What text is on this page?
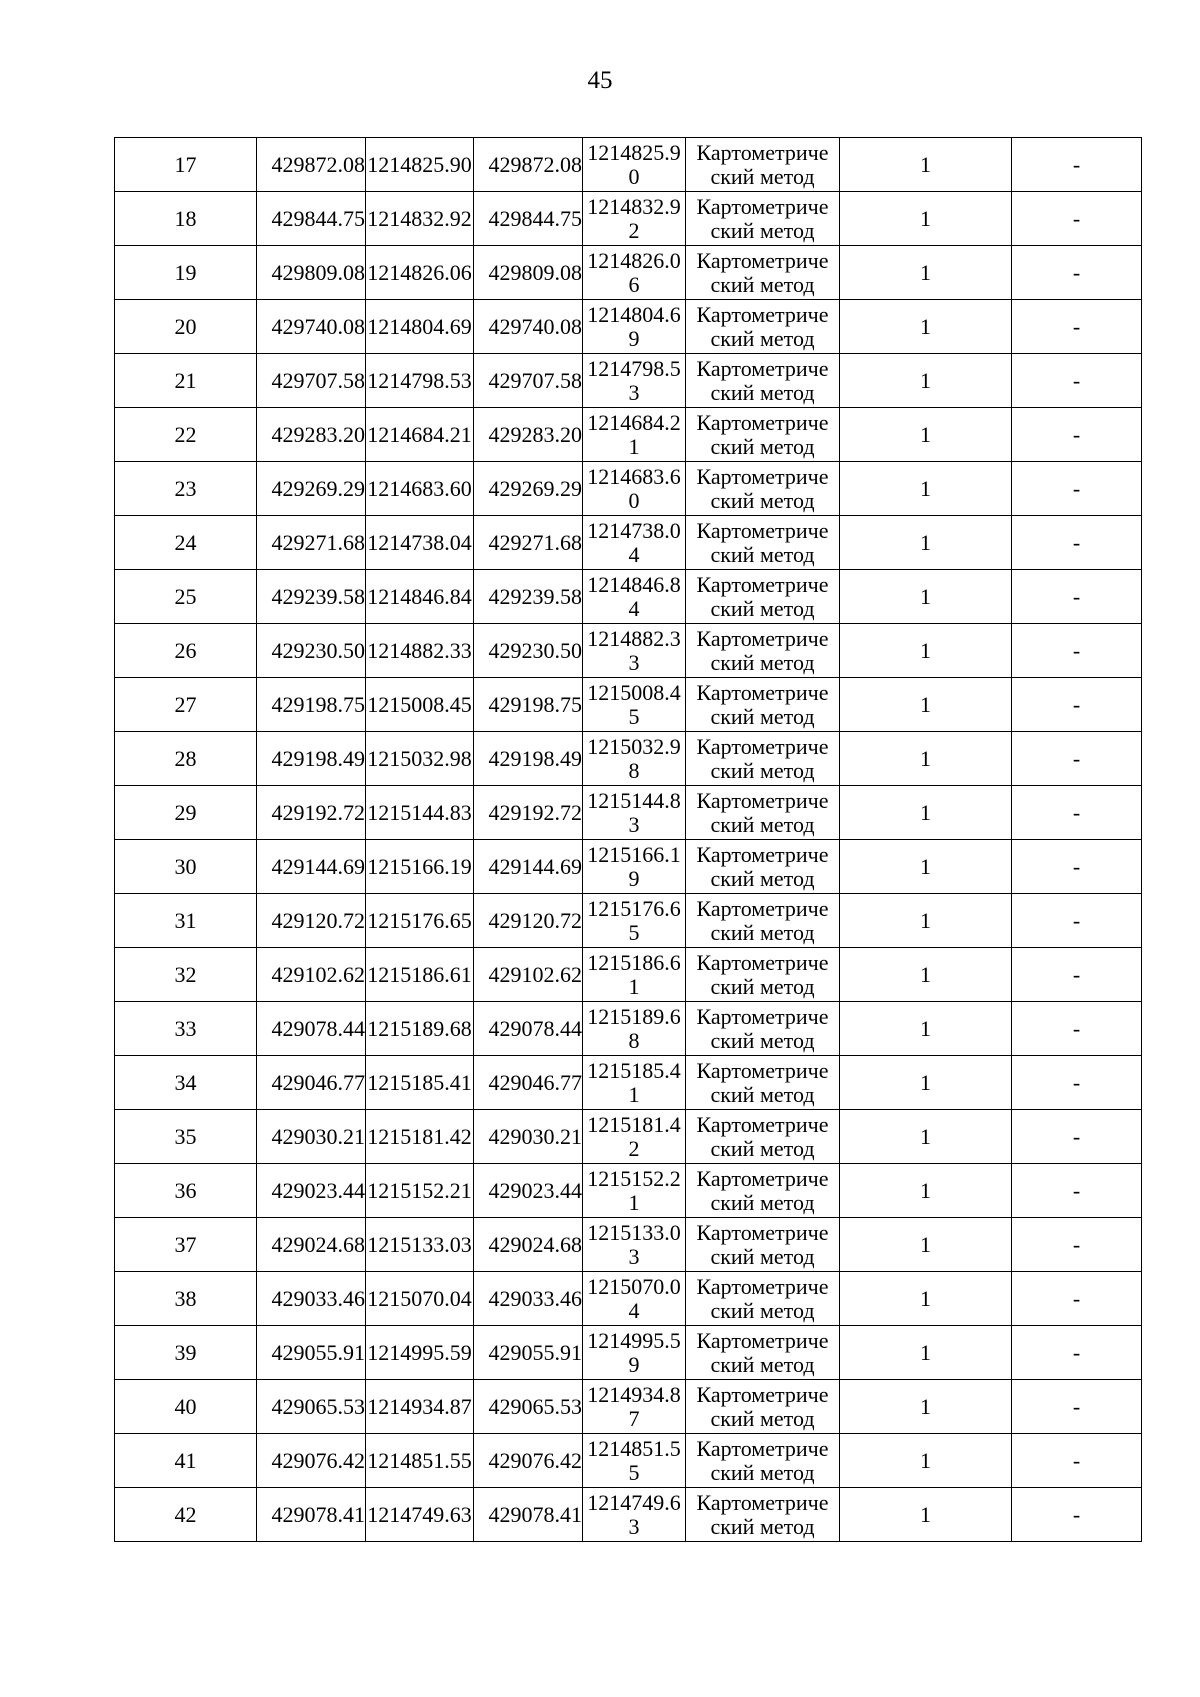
45
17	429872.08	1214825.90	429872.08	1214825.90	Картометриче
ский метод	1	-
18	429844.75	1214832.92	429844.75	1214832.92	Картометриче
ский метод	1	-
19	429809.08	1214826.06	429809.08	1214826.06	Картометриче
ский метод	1	-
20	429740.08	1214804.69	429740.08	1214804.69	Картометриче
ский метод	1	-
21	429707.58	1214798.53	429707.58	1214798.53	Картометриче
ский метод	1	-
22	429283.20	1214684.21	429283.20	1214684.21	Картометриче
ский метод	1	-
23	429269.29	1214683.60	429269.29	1214683.60	Картометриче
ский метод	1	-
24	429271.68	1214738.04	429271.68	1214738.04	Картометриче
ский метод	1	-
25	429239.58	1214846.84	429239.58	1214846.84	Картометриче
ский метод	1	-
26	429230.50	1214882.33	429230.50	1214882.33	Картометриче
ский метод	1	-
27	429198.75	1215008.45	429198.75	1215008.45	Картометриче
ский метод	1	-
28	429198.49	1215032.98	429198.49	1215032.98	Картометриче
ский метод	1	-
29	429192.72	1215144.83	429192.72	1215144.83	Картометриче
ский метод	1	-
30	429144.69	1215166.19	429144.69	1215166.19	Картометриче
ский метод	1	-
31	429120.72	1215176.65	429120.72	1215176.65	Картометриче
ский метод	1	-
32	429102.62	1215186.61	429102.62	1215186.61	Картометриче
ский метод	1	-
33	429078.44	1215189.68	429078.44	1215189.68	Картометриче
ский метод	1	-
34	429046.77	1215185.41	429046.77	1215185.41	Картометриче
ский метод	1	-
35	429030.21	1215181.42	429030.21	1215181.42	Картометриче
ский метод	1	-
36	429023.44	1215152.21	429023.44	1215152.21	Картометриче
ский метод	1	-
37	429024.68	1215133.03	429024.68	1215133.03	Картометриче
ский метод	1	-
38	429033.46	1215070.04	429033.46	1215070.04	Картометриче
ский метод	1	-
39	429055.91	1214995.59	429055.91	1214995.59	Картометриче
ский метод	1	-
40	429065.53	1214934.87	429065.53	1214934.87	Картометриче
ский метод	1	-
41	429076.42	1214851.55	429076.42	1214851.55	Картометриче
ский метод	1	-
42	429078.41	1214749.63	429078.41	1214749.63	Картометриче
ский метод	1	-
